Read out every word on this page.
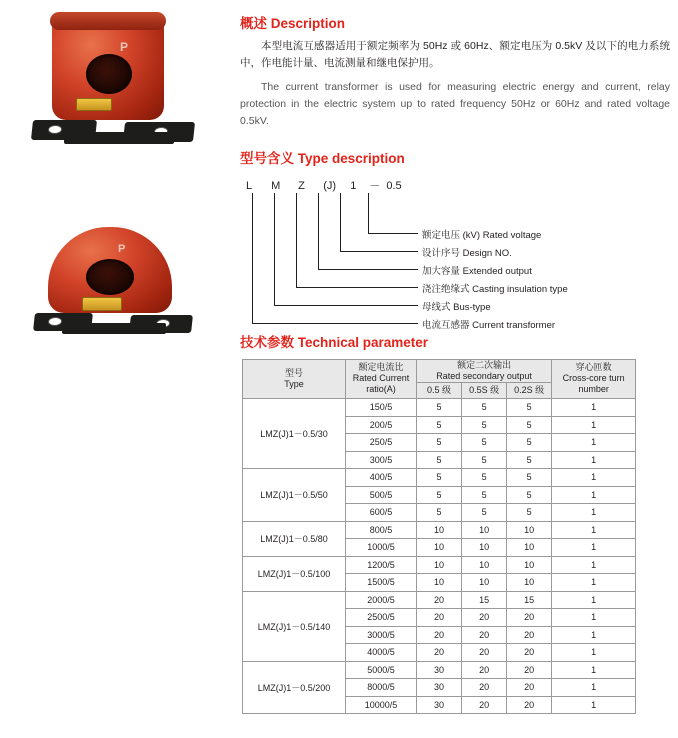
P
P
概述 Description

本型电流互感器适用于额定频率为 50Hz 或 60Hz、额定电压为 0.5kV 及以下的电力系统中，作电能计量、电流测量和继电保护用。

The current transformer is used for measuring electric energy and current, relay protection in the electric system up to rated frequency 50Hz or 60Hz and rated voltage 0.5kV.

型号含义 Type description
L M Z (J) 1 － 0.5
额定电压 (kV) Rated voltage
设计序号 Design NO.
加大容量 Extended output
浇注绝缘式 Casting insulation type
母线式 Bus-type
电流互感器 Current transformer
技术参数 Technical parameter
型号
Type

额定电流比
Rated Current
ratio(A)

额定二次输出
Rated secondary output

穿心匝数
Cross-core turn
number

		0.5 级	0.5S 级	0.2S 级	
LMZ(J)1－0.5/30	150/5	5	5	5	1
	200/5	5	5	5	1
	250/5	5	5	5	1
	300/5	5	5	5	1
LMZ(J)1－0.5/50	400/5	5	5	5	1
	500/5	5	5	5	1
	600/5	5	5	5	1
LMZ(J)1－0.5/80	800/5	10	10	10	1
	1000/5	10	10	10	1
LMZ(J)1－0.5/100	1200/5	10	10	10	1
	1500/5	10	10	10	1
LMZ(J)1－0.5/140	2000/5	20	15	15	1
	2500/5	20	20	20	1
	3000/5	20	20	20	1
	4000/5	20	20	20	1
LMZ(J)1－0.5/200	5000/5	30	20	20	1
	8000/5	30	20	20	1
	10000/5	30	20	20	1
